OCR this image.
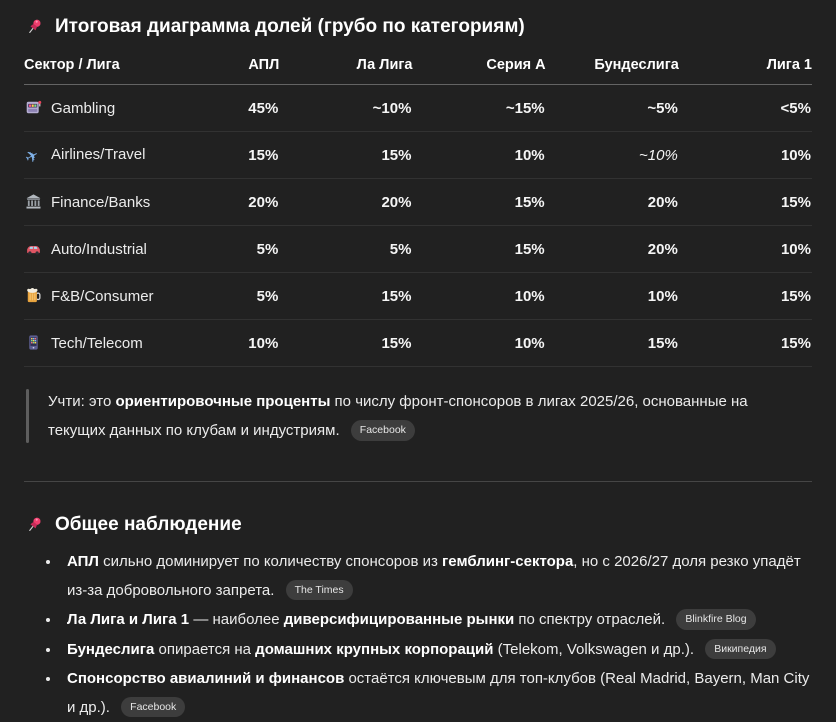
Итоговая диаграмма долей (грубо по категориям)
Сектор / Лига	АПЛ	Ла Лига	Серия А	Бундеслига	Лига 1
Gambling	45%	~10%	~15%	~5%	<5%
✈ Airlines/Travel	15%	15%	10%	~10%	10%
Finance/Banks	20%	20%	15%	20%	15%
Auto/Industrial	5%	5%	15%	20%	10%
F&B/Consumer	5%	15%	10%	10%	15%
Tech/Telecom	10%	15%	10%	15%	15%
Учти: это ориентировочные проценты по числу фронт-спонсоров в лигах 2025/26, основанные на текущих данных по клубам и индустриям. Facebook
Общее наблюдение
• АПЛ сильно доминирует по количеству спонсоров из гемблинг-сектора, но с 2026/27 доля резко упадёт из-за добровольного запрета. The Times
• Ла Лига и Лига 1 — наиболее диверсифицированные рынки по спектру отраслей. Blinkfire Blog
• Бундеслига опирается на домашних крупных корпораций (Telekom, Volkswagen и др.). Википедия
• Спонсорство авиалиний и финансов остаётся ключевым для топ-клубов (Real Madrid, Bayern, Man City и др.). Facebook
